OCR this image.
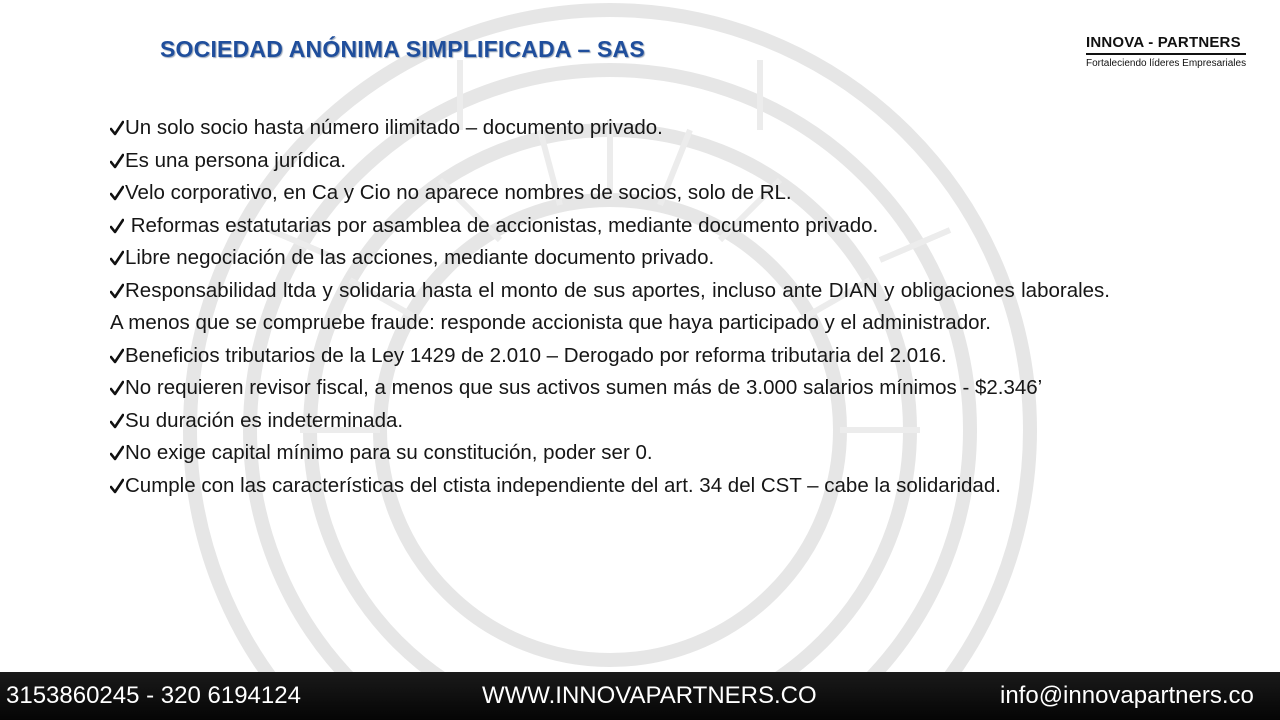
SOCIEDAD ANÓNIMA SIMPLIFICADA – SAS	INNOVA - PARTNERS
Fortaleciendo líderes Empresariales

Un solo socio hasta número ilimitado – documento privado.

Es una persona jurídica.

Velo corporativo, en Ca y Cio no aparece nombres de socios, solo de RL.

Reformas estatutarias por asamblea de accionistas, mediante documento privado.

Libre negociación de las acciones, mediante documento privado.

Responsabilidad ltda y solidaria hasta el monto de sus aportes, incluso ante DIAN y obligaciones laborales. A menos que se compruebe fraude: responde accionista que haya participado y el administrador.

Beneficios tributarios de la Ley 1429 de 2.010 – Derogado por reforma tributaria del 2.016.

No requieren revisor fiscal, a menos que sus activos sumen más de 3.000 salarios mínimos - $2.346’

Su duración es indeterminada.

No exige capital mínimo para su constitución, poder ser 0.

Cumple con las características del ctista independiente del art. 34 del CST – cabe la solidaridad.

3153860245 - 320 6194124	WWW.INNOVAPARTNERS.CO	info@innovapartners.co
